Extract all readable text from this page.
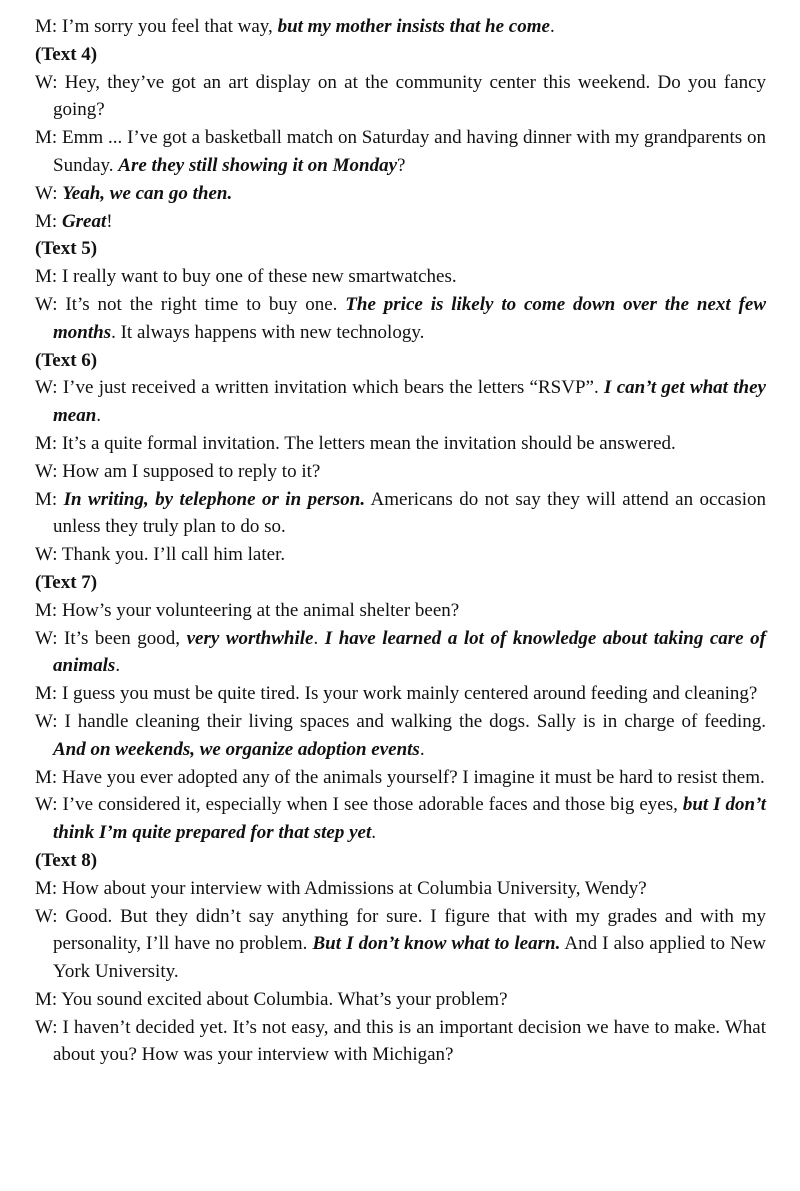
M: I’m sorry you feel that way, but my mother insists that he come.

(Text 4)

W: Hey, they’ve got an art display on at the community center this weekend. Do you fancy going?

M: Emm ... I’ve got a basketball match on Saturday and having dinner with my grandparents on Sunday. Are they still showing it on Monday?

W: Yeah, we can go then.

M: Great!

(Text 5)

M: I really want to buy one of these new smartwatches.

W: It’s not the right time to buy one. The price is likely to come down over the next few months. It always happens with new technology.

(Text 6)

W: I’ve just received a written invitation which bears the letters “RSVP”. I can’t get what they mean.

M: It’s a quite formal invitation. The letters mean the invitation should be answered.

W: How am I supposed to reply to it?

M: In writing, by telephone or in person. Americans do not say they will attend an occasion unless they truly plan to do so.

W: Thank you. I’ll call him later.

(Text 7)

M: How’s your volunteering at the animal shelter been?

W: It’s been good, very worthwhile. I have learned a lot of knowledge about taking care of animals.

M: I guess you must be quite tired. Is your work mainly centered around feeding and cleaning?

W: I handle cleaning their living spaces and walking the dogs. Sally is in charge of feeding. And on weekends, we organize adoption events.

M: Have you ever adopted any of the animals yourself? I imagine it must be hard to resist them.

W: I’ve considered it, especially when I see those adorable faces and those big eyes, but I don’t think I’m quite prepared for that step yet.

(Text 8)

M: How about your interview with Admissions at Columbia University, Wendy?

W: Good. But they didn’t say anything for sure. I figure that with my grades and with my personality, I’ll have no problem. But I don’t know what to learn. And I also applied to New York University.

M: You sound excited about Columbia. What’s your problem?

W: I haven’t decided yet. It’s not easy, and this is an important decision we have to make. What about you? How was your interview with Michigan?
